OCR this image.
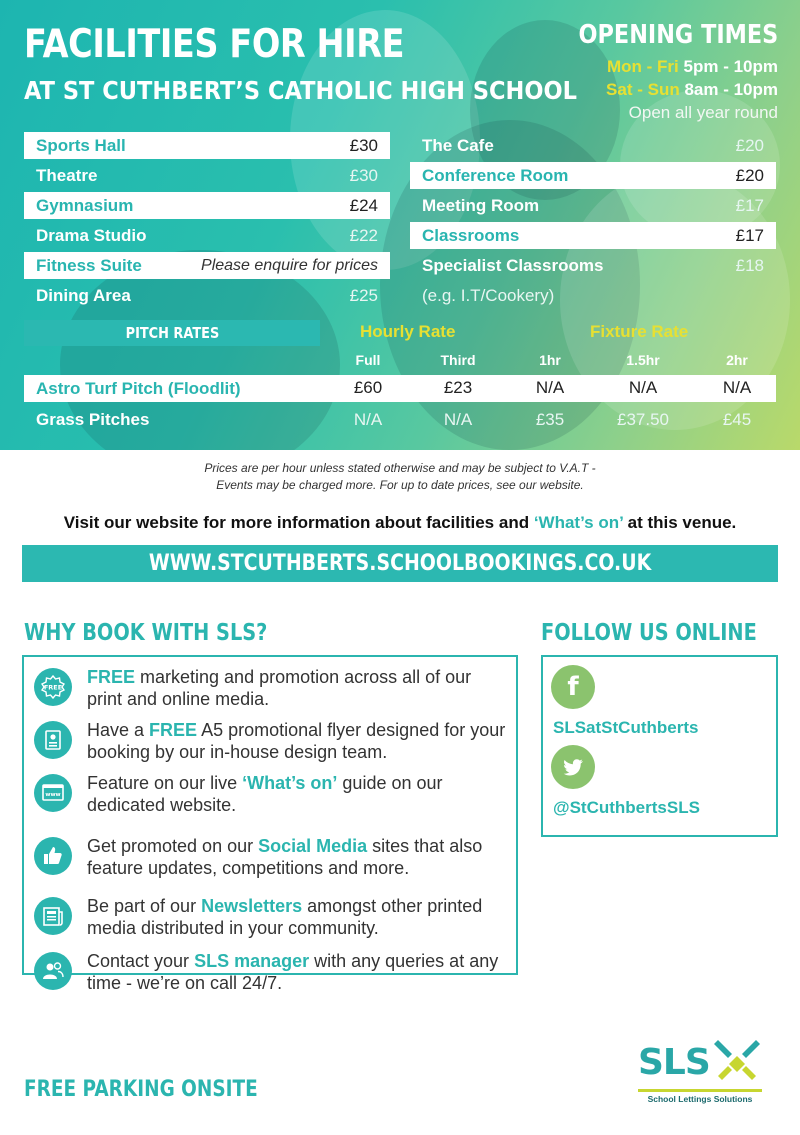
FACILITIES FOR HIRE
AT ST CUTHBERT’S CATHOLIC HIGH SCHOOL
OPENING TIMES
Mon - Fri 5pm - 10pm
Sat - Sun 8am - 10pm
Open all year round
Sports Hall	£30
Theatre	£30
Gymnasium	£24
Drama Studio	£22
Fitness Suite	Please enquire for prices
Dining Area	£25
The Cafe	£20
Conference Room	£20
Meeting Room	£17
Classrooms	£17
Specialist Classrooms	£18
(e.g. I.T/Cookery)
PITCH RATES	Hourly Rate	Fixture Rate
Full	Third	1hr	1.5hr	2hr
Astro Turf Pitch (Floodlit)	£60	£23	N/A	N/A	N/A
Grass Pitches	N/A	N/A	£35	£37.50	£45
Prices are per hour unless stated otherwise and may be subject to V.A.T -
Events may be charged more. For up to date prices, see our website.
Visit our website for more information about facilities and ‘What’s on’ at this venue.
WWW.STCUTHBERTS.SCHOOLBOOKINGS.CO.UK
WHY BOOK WITH SLS?
FREE
FREE marketing and promotion across all of our print and online media.
Have a FREE A5 promotional flyer designed for your booking by our in-house design team.
www
Feature on our live ‘What’s on’ guide on our dedicated website.
Get promoted on our Social Media sites that also feature updates, competitions and more.
Be part of our Newsletters amongst other printed media distributed in your community.
Contact your SLS manager with any queries at any time - we’re on call 24/7.
FOLLOW US ONLINE
f
SLSatStCuthberts
@StCuthbertsSLS
FREE PARKING ONSITE
SLS
School Lettings Solutions
